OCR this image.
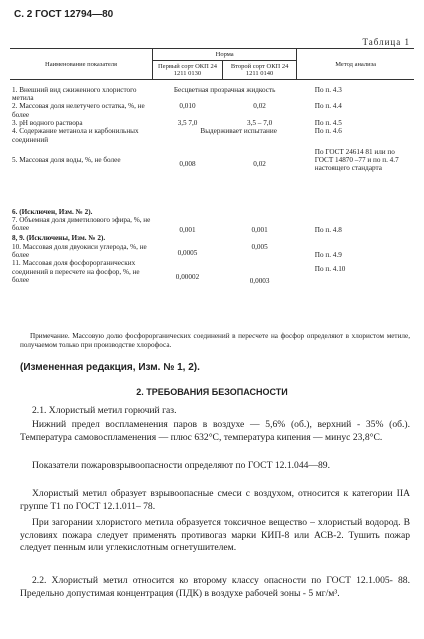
С. 2 ГОСТ 12794—80
Таблица 1
Наименование показателя	Норма		Метод анализа
	Первый сорт ОКП 24 1211 0130	Второй сорт ОКП 24 1211 0140	

1. Внешний вид сжиженного хлористого метила	Бесцветная прозрачная жидкость		По п. 4.3
2. Массовая доля нелетучего остатка, %, не более	0,010	0,02	По п. 4.4
3. pH водного раствора	3,5 7,0	3,5 – 7,0	По п. 4.5
4. Содержание метанола и карбонильных соединений	Выдерживает испытание		По п. 4.6
5. Массовая доля воды, %, не более	0,008	0,02	По ГОСТ 24614 81 или по ГОСТ 14870 –77 и по п. 4.7 настоящего стандарта

6. (Исключен, Изм. № 2).			
7. Объемная доля диметилового эфира, %, не более	0,001	0,001	По п. 4.8
8, 9. (Исключены, Изм. № 2).			
10. Массовая доля двуокиси углерода, %, не более	0,0005	0,005	По п. 4.9
11. Массовая доля фосфорорганических соединений в пересчете на фосфор, %, не более	0,00002	0,0003	По п. 4.10
Примечание. Массовую долю фосфорорганических соединений в пересчете на фосфор определяют в хлористом метиле, получаемом только при производстве хлорофоса.
(Измененная редакция, Изм. № 1, 2).
2. ТРЕБОВАНИЯ БЕЗОПАСНОСТИ
2.1. Хлористый метил горючий газ.
Нижний предел воспламенения паров в воздухе — 5,6% (об.), верхний - 35% (об.). Температура самовоспламенения — плюс 632°С, температура кипения — минус 23,8°С.
Показатели пожаровзрывоопасности определяют по ГОСТ 12.1.044—89.
Хлористый метил образует взрывоопасные смеси с воздухом, относится к категории IIА группе Т1 по ГОСТ 12.1.011– 78.
При загорании хлористого метила образуется токсичное вещество – хлористый водород. В условиях пожара следует применять противогаз марки КИП-8 или АСВ-2. Тушить пожар следует пенным или углекислотным огнетушителем.
2.2. Хлористый метил относится ко второму классу опасности по ГОСТ 12.1.005- 88. Предельно допустимая концентрация (ПДК) в воздухе рабочей зоны - 5 мг/м³.
